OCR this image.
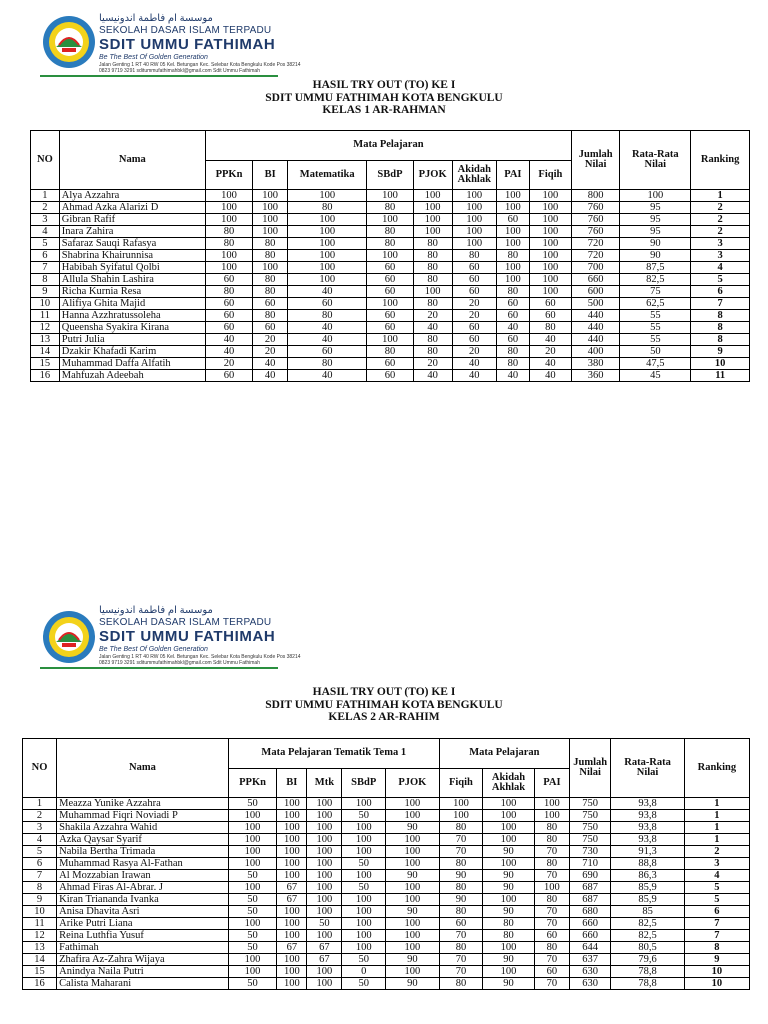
موسسة ام فاطمة اندونيسيا
SEKOLAH DASAR ISLAM TERPADU
SDIT UMMU FATHIMAH
Be The Best Of Golden Generation
Jalan Genting 1 RT 40 RW 05 Kel. Betungan Kec. Selebar Kota Bengkulu Kode Pos 38214
0823 9719 3291 sditummufathimahbkl@gmail.com Sdit Ummu Fathimah
HASIL TRY OUT (TO) KE I
SDIT UMMU FATHIMAH KOTA BENGKULU
KELAS 1 AR-RAHMAN
NO	Nama	Mata Pelajaran								Jumlah Nilai	Rata-Rata Nilai	Ranking
		PPKn	BI	Matematika	SBdP	PJOK	Akidah Akhlak	PAI	Fiqih			
1	Alya Azzahra	100	100	100	100	100	100	100	100	800	100	1
2	Ahmad Azka Alarizi D	100	100	80	80	100	100	100	100	760	95	2
3	Gibran Rafif	100	100	100	100	100	100	60	100	760	95	2
4	Inara Zahira	80	100	100	80	100	100	100	100	760	95	2
5	Safaraz Sauqi Rafasya	80	80	100	80	80	100	100	100	720	90	3
6	Shabrina Khairunnisa	100	80	100	100	80	80	80	100	720	90	3
7	Habibah Syifatul Qolbi	100	100	100	60	80	60	100	100	700	87,5	4
8	Allula Shahin Lashira	60	80	100	60	80	60	100	100	660	82,5	5
9	Richa Kurnia Resa	80	80	40	60	100	60	80	100	600	75	6
10	Alifiya Ghita Majid	60	60	60	100	80	20	60	60	500	62,5	7
11	Hanna Azzhratussoleha	60	80	80	60	20	20	60	60	440	55	8
12	Queensha Syakira Kirana	60	60	40	60	40	60	40	80	440	55	8
13	Putri Julia	40	20	40	100	80	60	60	40	440	55	8
14	Dzakir Khafadi Karim	40	20	60	80	80	20	80	20	400	50	9
15	Muhammad Daffa Alfatih	20	40	80	60	20	40	80	40	380	47,5	10
16	Mahfuzah Adeebah	60	40	40	60	40	40	40	40	360	45	11
موسسة ام فاطمة اندونيسيا
SEKOLAH DASAR ISLAM TERPADU
SDIT UMMU FATHIMAH
Be The Best Of Golden Generation
Jalan Genting 1 RT 40 RW 05 Kel. Betungan Kec. Selebar Kota Bengkulu Kode Pos 38214
0823 9719 3291 sditummufathimahbkl@gmail.com Sdit Ummu Fathimah
HASIL TRY OUT (TO) KE I
SDIT UMMU FATHIMAH KOTA BENGKULU
KELAS 2 AR-RAHIM
NO	Nama	Mata Pelajaran Tematik Tema 1					Mata Pelajaran			Jumlah Nilai	Rata-Rata Nilai	Ranking
		PPKn	BI	Mtk	SBdP	PJOK	Fiqih	Akidah Akhlak	PAI			
1	Meazza Yunike Azzahra	50	100	100	100	100	100	100	100	750	93,8	1
2	Muhammad Fiqri Noviadi P	100	100	100	50	100	100	100	100	750	93,8	1
3	Shakila Azzahra Wahid	100	100	100	100	90	80	100	80	750	93,8	1
4	Azka Qaysar Syarif	100	100	100	100	100	70	100	80	750	93,8	1
5	Nabila Bertha Trimada	100	100	100	100	100	70	90	70	730	91,3	2
6	Muhammad Rasya Al-Fathan	100	100	100	50	100	80	100	80	710	88,8	3
7	Al Mozzabian Irawan	50	100	100	100	90	90	90	70	690	86,3	4
8	Ahmad Firas Al-Abrar. J	100	67	100	50	100	80	90	100	687	85,9	5
9	Kiran Triananda Ivanka	50	67	100	100	100	90	100	80	687	85,9	5
10	Anisa Dhavita Asri	50	100	100	100	90	80	90	70	680	85	6
11	Arike Putri Liana	100	100	50	100	100	60	80	70	660	82,5	7
12	Reina Luthfia Yusuf	50	100	100	100	100	70	80	60	660	82,5	7
13	Fathimah	50	67	67	100	100	80	100	80	644	80,5	8
14	Zhafira Az-Zahra Wijaya	100	100	67	50	90	70	90	70	637	79,6	9
15	Anindya Naila Putri	100	100	100	0	100	70	100	60	630	78,8	10
16	Calista Maharani	50	100	100	50	90	80	90	70	630	78,8	10
